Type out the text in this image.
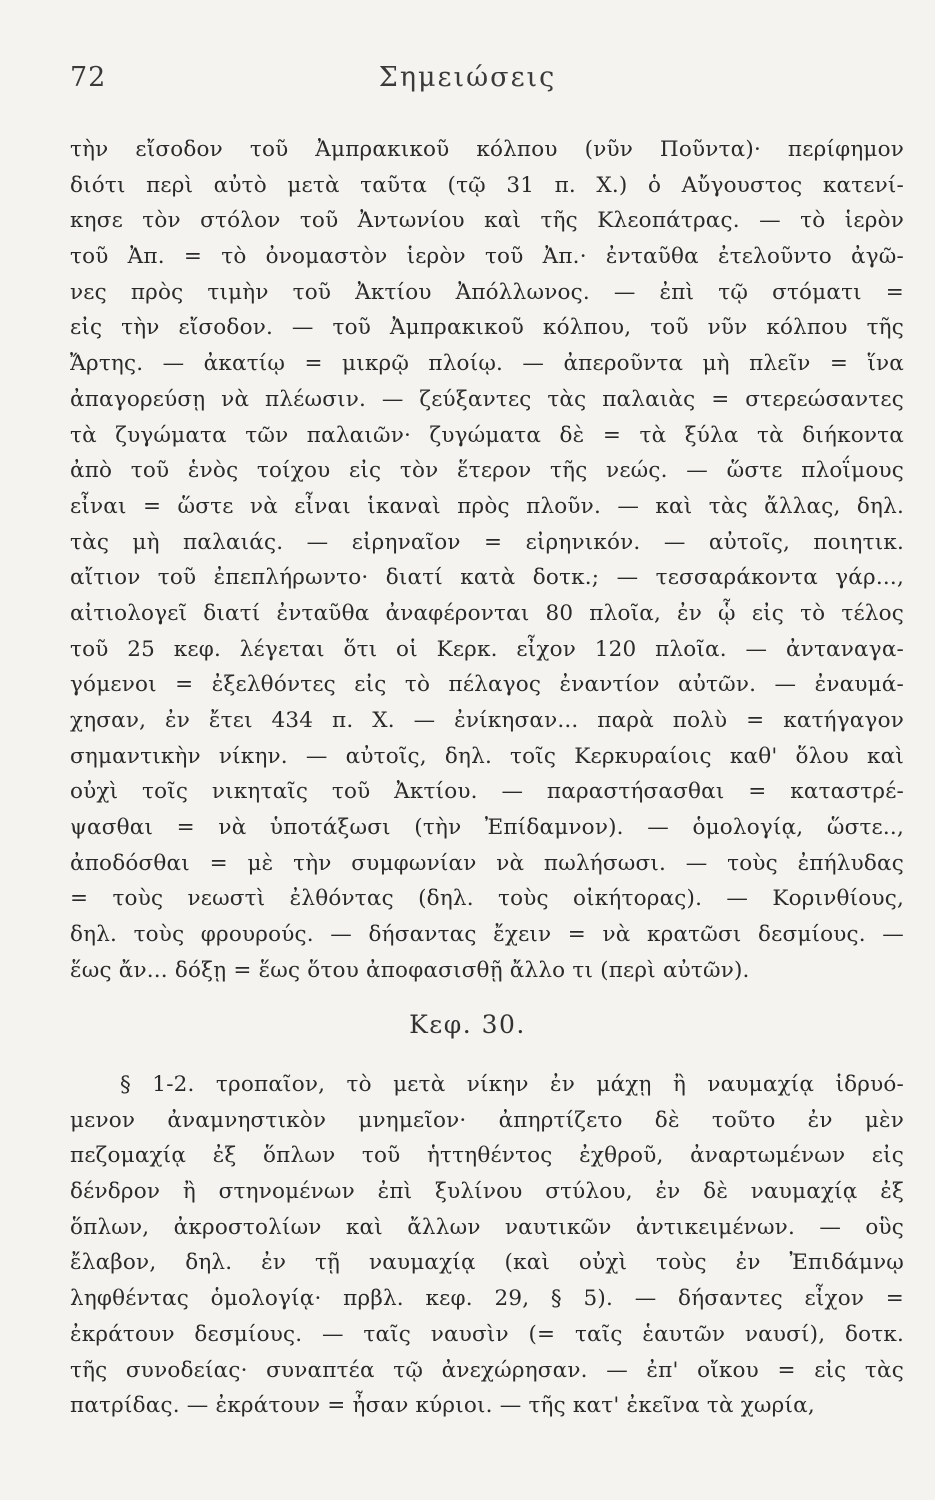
72	Σημειώσεις
τὴν εἴσοδον τοῦ Ἀμπρακικοῦ κόλπου (νῦν Ποῦντα)· περίφημον
διότι περὶ αὐτὸ μετὰ ταῦτα (τῷ 31 π. Χ.) ὁ Αὔγουστος κατενί-
κησε τὸν στόλον τοῦ Ἀντωνίου καὶ τῆς Κλεοπάτρας. — τὸ ἱερὸν
τοῦ Ἀπ. = τὸ ὀνομαστὸν ἱερὸν τοῦ Ἀπ.· ἐνταῦθα ἐτελοῦντο ἀγῶ-
νες πρὸς τιμὴν τοῦ Ἀκτίου Ἀπόλλωνος. — ἐπὶ τῷ στόματι =
εἰς τὴν εἴσοδον. — τοῦ Ἀμπρακικοῦ κόλπου, τοῦ νῦν κόλπου τῆς
Ἄρτης. — ἀκατίῳ = μικρῷ πλοίῳ. — ἀπεροῦντα μὴ πλεῖν = ἵνα
ἀπαγορεύσῃ νὰ πλέωσιν. — ζεύξαντες τὰς παλαιὰς = στερεώσαντες
τὰ ζυγώματα τῶν παλαιῶν· ζυγώματα δὲ = τὰ ξύλα τὰ διήκοντα
ἀπὸ τοῦ ἑνὸς τοίχου εἰς τὸν ἕτερον τῆς νεώς. — ὥστε πλοΐμους
εἶναι = ὥστε νὰ εἶναι ἱκαναὶ πρὸς πλοῦν. — καὶ τὰς ἄλλας, δηλ.
τὰς μὴ παλαιάς. — εἰρηναῖον = εἰρηνικόν. — αὐτοῖς, ποιητικ.
αἴτιον τοῦ ἐπεπλήρωντο· διατί κατὰ δοτκ.; — τεσσαράκοντα γάρ...,
αἰτιολογεῖ διατί ἐνταῦθα ἀναφέρονται 80 πλοῖα, ἐν ᾧ εἰς τὸ τέλος
τοῦ 25 κεφ. λέγεται ὅτι οἱ Κερκ. εἶχον 120 πλοῖα. — ἀνταναγα-
γόμενοι = ἐξελθόντες εἰς τὸ πέλαγος ἐναντίον αὐτῶν. — ἐναυμά-
χησαν, ἐν ἔτει 434 π. Χ. — ἐνίκησαν... παρὰ πολὺ = κατήγαγον
σημαντικὴν νίκην. — αὐτοῖς, δηλ. τοῖς Κερκυραίοις καθ' ὅλου καὶ
οὐχὶ τοῖς νικηταῖς τοῦ Ἀκτίου. — παραστήσασθαι = καταστρέ-
ψασθαι = νὰ ὑποτάξωσι (τὴν Ἐπίδαμνον). — ὁμολογίᾳ, ὥστε..,
ἀποδόσθαι = μὲ τὴν συμφωνίαν νὰ πωλήσωσι. — τοὺς ἐπήλυδας
= τοὺς νεωστὶ ἐλθόντας (δηλ. τοὺς οἰκήτορας). — Κορινθίους,
δηλ. τοὺς φρουρούς. — δήσαντας ἔχειν = νὰ κρατῶσι δεσμίους. —
ἕως ἄν... δόξῃ = ἕως ὅτου ἀποφασισθῇ ἄλλο τι (περὶ αὐτῶν).
Κεφ. 30.
§ 1-2. τροπαῖον, τὸ μετὰ νίκην ἐν μάχῃ ἢ ναυμαχίᾳ ἱδρυό-
μενον ἀναμνηστικὸν μνημεῖον· ἀπηρτίζετο δὲ τοῦτο ἐν μὲν
πεζομαχίᾳ ἐξ ὅπλων τοῦ ἡττηθέντος ἐχθροῦ, ἀναρτωμένων εἰς
δένδρον ἢ στηνομένων ἐπὶ ξυλίνου στύλου, ἐν δὲ ναυμαχίᾳ ἐξ
ὅπλων, ἀκροστολίων καὶ ἄλλων ναυτικῶν ἀντικειμένων. — οὓς
ἔλαβον, δηλ. ἐν τῇ ναυμαχίᾳ (καὶ οὐχὶ τοὺς ἐν Ἐπιδάμνῳ
ληφθέντας ὁμολογίᾳ· πρβλ. κεφ. 29, § 5). — δήσαντες εἶχον =
ἐκράτουν δεσμίους. — ταῖς ναυσὶν (= ταῖς ἑαυτῶν ναυσί), δοτκ.
τῆς συνοδείας· συναπτέα τῷ ἀνεχώρησαν. — ἐπ' οἴκου = εἰς τὰς
πατρίδας. — ἐκράτουν = ἦσαν κύριοι. — τῆς κατ' ἐκεῖνα τὰ χωρία,
